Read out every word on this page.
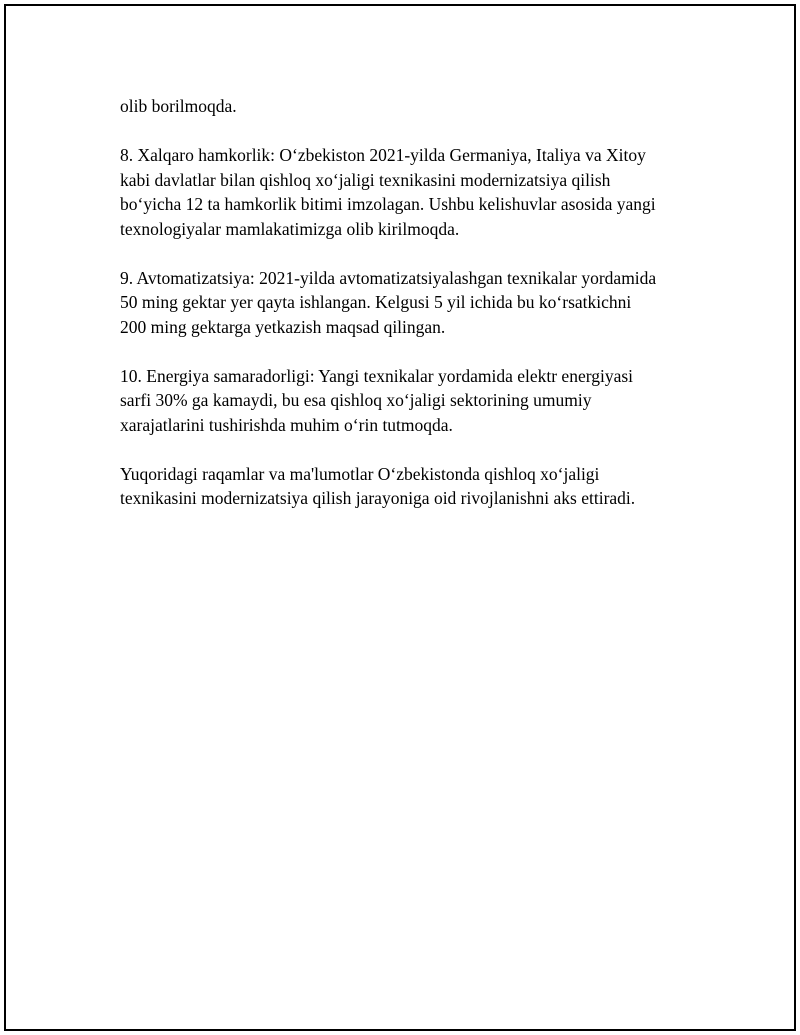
olib borilmoqda.

8. Xalqaro hamkorlik: O‘zbekiston 2021-yilda Germaniya, Italiya va Xitoy
kabi davlatlar bilan qishloq xo‘jaligi texnikasini modernizatsiya qilish
bo‘yicha 12 ta hamkorlik bitimi imzolagan. Ushbu kelishuvlar asosida yangi
texnologiyalar mamlakatimizga olib kirilmoqda.

9. Avtomatizatsiya: 2021-yilda avtomatizatsiyalashgan texnikalar yordamida
50 ming gektar yer qayta ishlangan. Kelgusi 5 yil ichida bu ko‘rsatkichni
200 ming gektarga yetkazish maqsad qilingan.

10. Energiya samaradorligi: Yangi texnikalar yordamida elektr energiyasi
sarfi 30% ga kamaydi, bu esa qishloq xo‘jaligi sektorining umumiy
xarajatlarini tushirishda muhim o‘rin tutmoqda.

Yuqoridagi raqamlar va ma'lumotlar O‘zbekistonda qishloq xo‘jaligi
texnikasini modernizatsiya qilish jarayoniga oid rivojlanishni aks ettiradi.
